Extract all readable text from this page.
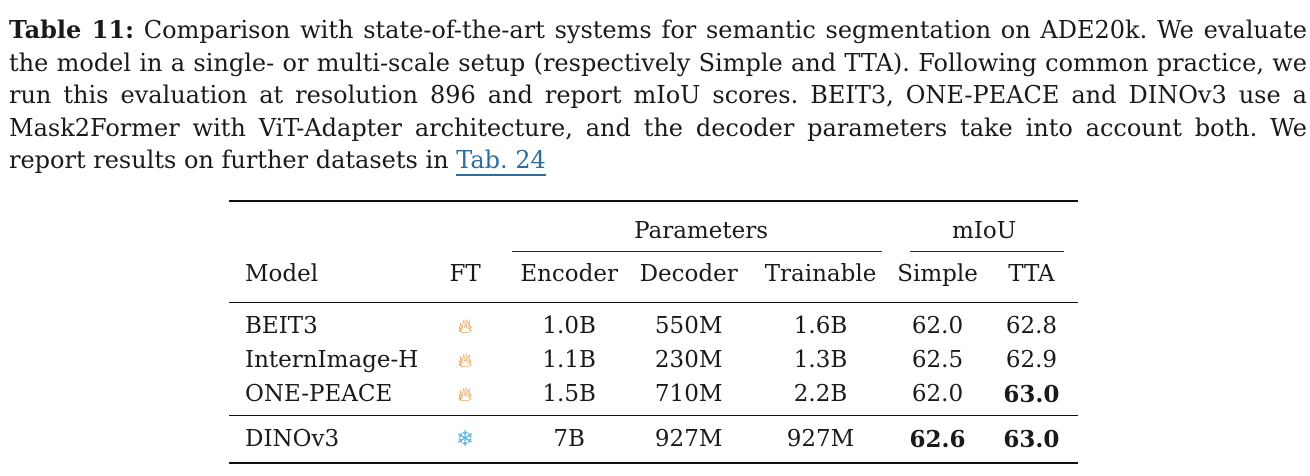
Table 11: Comparison with state-of-the-art systems for semantic segmentation on ADE20k. We evaluate the model in a single- or multi-scale setup (respectively Simple and TTA). Following common practice, we run this evaluation at resolution 896 and report mIoU scores. BEIT3, ONE-PEACE and DINOv3 use a Mask2Former with ViT-Adapter architecture, and the decoder parameters take into account both. We report results on further datasets in Tab. 24
		Parameters			mIoU	

Model	FT	Encoder	Decoder	Trainable	Simple	TTA
BEIT3	🔥︎	1.0B	550M	1.6B	62.0	62.8
InternImage-H	🔥︎	1.1B	230M	1.3B	62.5	62.9
ONE-PEACE	🔥︎	1.5B	710M	2.2B	62.0	63.0
DINOv3	❄︎	7B	927M	927M	62.6	63.0
